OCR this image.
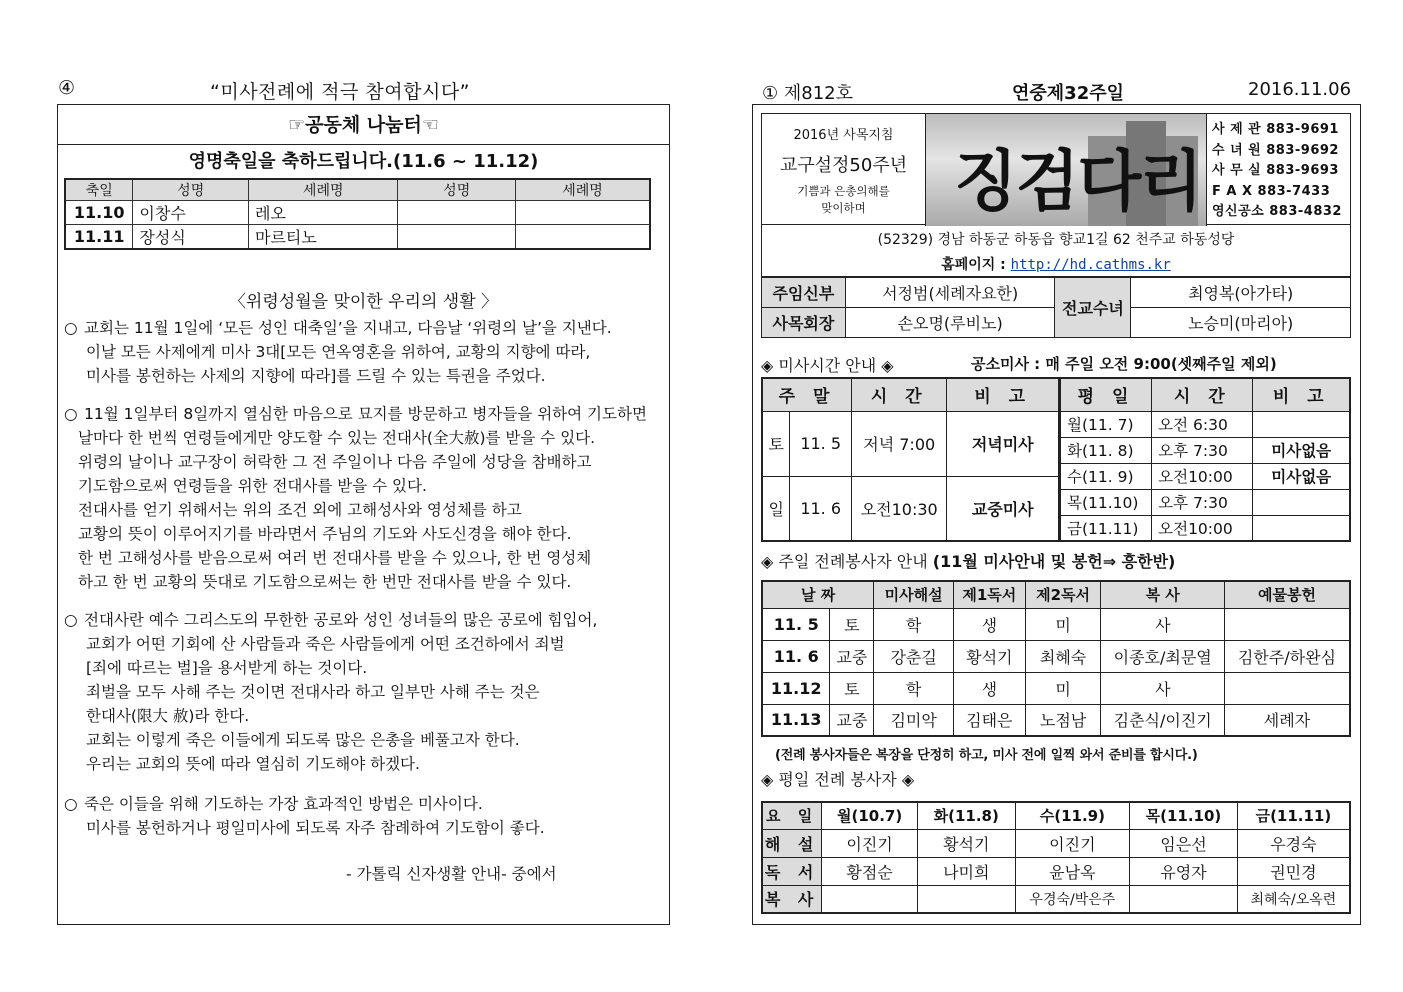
④	“미사전례에 적극 참여합시다”
☞공동체 나눔터☜
영명축일을 축하드립니다.(11.6 ~ 11.12)
축일	성명	세례명	성명	세례명
11.10	이창수	레오		
11.11	장성식	마르티노		
〈위령성월을 맞이한 우리의 생활 〉
○ 교회는 11월 1일에 ‘모든 성인 대축일’을 지내고, 다음날 ‘위령의 날’을 지낸다.
이날 모든 사제에게 미사 3대[모든 연옥영혼을 위하여, 교황의 지향에 따라,
미사를 봉헌하는 사제의 지향에 따라]를 드릴 수 있는 특권을 주었다.
○ 11월 1일부터 8일까지 열심한 마음으로 묘지를 방문하고 병자들을 위하여 기도하면
날마다 한 번씩 연령들에게만 양도할 수 있는 전대사(全大赦)를 받을 수 있다.
위령의 날이나 교구장이 허락한 그 전 주일이나 다음 주일에 성당을 참배하고
기도함으로써 연령들을 위한 전대사를 받을 수 있다.
전대사를 얻기 위해서는 위의 조건 외에 고해성사와 영성체를 하고
교황의 뜻이 이루어지기를 바라면서 주님의 기도와 사도신경을 해야 한다.
한 번 고해성사를 받음으로써 여러 번 전대사를 받을 수 있으나, 한 번 영성체
하고 한 번 교황의 뜻대로 기도함으로써는 한 번만 전대사를 받을 수 있다.
○ 전대사란 예수 그리스도의 무한한 공로와 성인 성녀들의 많은 공로에 힘입어,
교회가 어떤 기회에 산 사람들과 죽은 사람들에게 어떤 조건하에서 죄벌
[죄에 따르는 벌]을 용서받게 하는 것이다.
죄벌을 모두 사해 주는 것이면 전대사라 하고 일부만 사해 주는 것은
한대사(限大 赦)라 한다.
교회는 이렇게 죽은 이들에게 되도록 많은 은총을 베풀고자 한다.
우리는 교회의 뜻에 따라 열심히 기도해야 하겠다.
○ 죽은 이들을 위해 기도하는 가장 효과적인 방법은 미사이다.
미사를 봉헌하거나 평일미사에 되도록 자주 참례하여 기도함이 좋다.
- 가톨릭 신자생활 안내- 중에서
① 제812호	연중제32주일	2016.11.06
2016년 사목지침
교구설정50주년
기쁨과 은총의해를
맞이하며	징검다리
사 제 관 883-9691
수 녀 원 883-9692
사 무 실 883-9693
F A X 883-7433
영신공소 883-4832
(52329) 경남 하동군 하동읍 향교1길 62 천주교 하동성당
홈페이지 : http://hd.cathms.kr
주임신부	서정범(세례자요한)	전교수녀	최영복(아가타)
사목회장	손오명(루비노)		노승미(마리아)
◈ 미사시간 안내 ◈	공소미사 : 매 주일 오전 9:00(셋째주일 제외)
주 말		시 간	비 고
토	11. 5	저녁 7:00	저녁미사
일	11. 6	오전10:30	교중미사
평 일	시 간	비 고
월(11. 7)	오전 6:30	
화(11. 8)	오후 7:30	미사없음
수(11. 9)	오전10:00	미사없음
목(11.10)	오후 7:30	
금(11.11)	오전10:00	
◈ 주일 전례봉사자 안내 (11월 미사안내 및 봉헌⇒ 흥한반)
날 짜		미사해설	제1독서	제2독서	복 사	예물봉헌
11. 5	토	학	생	미	사	
11. 6	교중	강춘길	황석기	최혜숙	이종호/최문열	김한주/하완심
11.12	토	학	생	미	사	
11.13	교중	김미악	김태은	노점남	김춘식/이진기	세례자
(전례 봉사자들은 복장을 단정히 하고, 미사 전에 일찍 와서 준비를 합시다.)
◈ 평일 전례 봉사자 ◈
요 일	월(10.7)	화(11.8)	수(11.9)	목(11.10)	금(11.11)
해 설	이진기	황석기	이진기	임은선	우경숙
독 서	황점순	나미희	윤남옥	유영자	권민경
복 사			우경숙/박은주		최혜숙/오옥련
